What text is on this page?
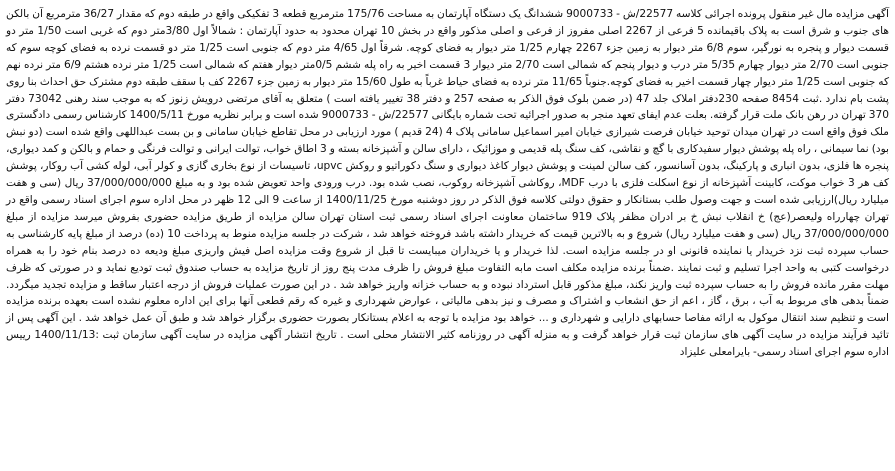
آگهی مزایده مال غیر منقول پرونده اجرائی کلاسه 22577/ش - 9000733 ششدانگ یک دستگاه آپارتمان به مساحت 175/76 مترمربع قطعه 3 تفکیکی واقع در طبقه دوم که مقدار 36/27 مترمربع آن بالکن های جنوب و شرق است به پلاک باقیمانده 5 فرعی از 2267 اصلی مفروز از فرعی و اصلی مذکور واقع در بخش 10 تهران محدود به حدود آپارتمان : شمالاً اول 3/80متر دوم که غربی است 1/50 متر دو قسمت دیوار و پنجره به نورگیر، سوم 6/8 متر دیوار به زمین جزء 2267 چهارم 1/25 متر دیوار به فضای کوچه. شرقاً اول 4/65 متر دوم که جنوبی است 1/25 متر دو قسمت نرده به فضای کوچه سوم که جنوبی است 2/70 متر دیوار چهارم 5/35 متر درب و دیوار پنجم که شمالی است 2/70 متر دیوار 3 قسمت اخیر به راه پله ششم 0/5متر دیوار هفتم که شمالی است 1/25 متر نرده هشتم 6/9 متر نرده نهم که جنوبی است 1/25 متر دیوار چهار قسمت اخیر به فضای کوچه.جنوباً 11/65 متر نرده به فضای حیاط غرباً به طول 15/60 متر دیوار به زمین جزء 2267 کف با سقف طبقه دوم مشترک حق احداث بنا روی پشت بام ندارد .ثبت 8454 صفحه 230دفتر املاک جلد 47 (در ضمن بلوک فوق الذکر به صفحه 257 و دفتر 38 تغییر یافته است ) متعلق به آقای مرتضی درویش زنوز که به موجب سند رهنی 73042 دفتر 370 تهران در رهن بانک ملت قرار گرفته. بعلت عدم ایفای تعهد منجر به صدور اجرائیه تحت شماره بایگانی 22577/ش - 9000733 شده است و برابر نظریه مورخ 1400/5/11 کارشناس رسمی دادگستری ملک فوق واقع است در تهران میدان توحید خیابان فرصت شیرازی خیابان امیر اسماعیل سامانی پلاک 4 (24 قدیم ) مورد ارزیابی در محل تقاطع خیابان سامانی و بن بست عبداللهی واقع شده است (دو نبش بود) نما سیمانی ، راه پله پوشش دیوار سفیدکاری با گچ و نقاشی، کف سنگ پله قدیمی و موزائیک ، دارای سالن و آشپزخانه بسته و 3 اطاق خواب، توالت ایرانی و توالت فرنگی و حمام و بالکن و کمد دیواری، پنجره ها فلزی، بدون انباری و پارکینگ، بدون آسانسور، کف سالن لمینت و پوشش دیوار کاغذ دیواری و سنگ دکوراتیو و روکش upvc، تاسیسات از نوع بخاری گازی و کولر آبی، لوله کشی آب روکار، پوشش کف هر 3 خواب موکت، کابینت آشپزخانه از نوع اسکلت فلزی با درب MDF، روکاشی آشپزخانه روکوب، نصب شده بود. درب ورودی واحد تعویض شده بود و به مبلغ 37/000/000/000 ریال (سی و هفت میلیارد ریال)ارزیابی شده است و جهت وصول طلب بستانکار و حقوق دولتی کلاسه فوق الذکر در روز دوشنبه مورخ 1400/11/25 از ساعت 9 الی 12 ظهر در محل اداره سوم اجرای اسناد رسمی واقع در تهران چهارراه ولیعصر(عج) خ انقلاب نبش خ بر ادران مظفر پلاک 919 ساختمان معاونت اجرای اسناد رسمی ثبت استان تهران سالن مزایده از طریق مزایده حضوری بفروش میرسد مزایده از مبلغ 37/000/000/000 ریال (سی و هفت میلیارد ریال) شروع و به بالاترین قیمت که خریدار داشته باشد فروخته خواهد شد ، شرکت در جلسه مزایده منوط به پرداخت 10 (ده) درصد از مبلغ پایه کارشناسی به حساب سپرده ثبت نزد خریدار یا نماینده قانونی او در جلسه مزایده است. لذا خریدار و یا خریداران میبایست تا قبل از شروع وقت مزایده اصل فیش واریزی مبلغ ودیعه ده درصد بنام خود را به همراه درخواست کتبی به واحد اجرا تسلیم و ثبت نمایند .ضمناً برنده مزایده مکلف است مابه التفاوت مبلغ فروش را ظرف مدت پنج روز از تاریخ مزایده به حساب صندوق ثبت تودیع نماید و در صورتی که ظرف مهلت مقرر مانده فروش را به حساب سپرده ثبت واریز نکند، مبلغ مذکور قابل استرداد نبوده و به حساب خزانه واریز خواهد شد . در این صورت عملیات فروش از درجه اعتبار ساقط و مزایده تجدید میگردد. ضمناً بدهی های مربوط به آب ، برق ، گاز ، اعم از حق انشعاب و اشتراک و مصرف و نیز بدهی مالیاتی ، عوارض شهرداری و غیره که رقم قطعی آنها برای این اداره معلوم نشده است بعهده برنده مزایده است و تنظیم سند انتقال موکول به ارائه مفاصا حسابهای دارایی و شهرداری و ... خواهد بود مزایده با توجه به اعلام بستانکار بصورت حضوری برگزار خواهد شد و طبق آن عمل خواهد شد . این آگهی پس از تائید فرآیند مزایده در سایت آگهی های سازمان ثبت قرار خواهد گرفت و به منزله آگهی در روزنامه کثیر الانتشار محلی است . تاریخ انتشار آگهی مزایده در سایت آگهی سازمان ثبت :1400/11/13 رییس اداره سوم اجرای اسناد رسمی- بایرامعلی علیزاد
